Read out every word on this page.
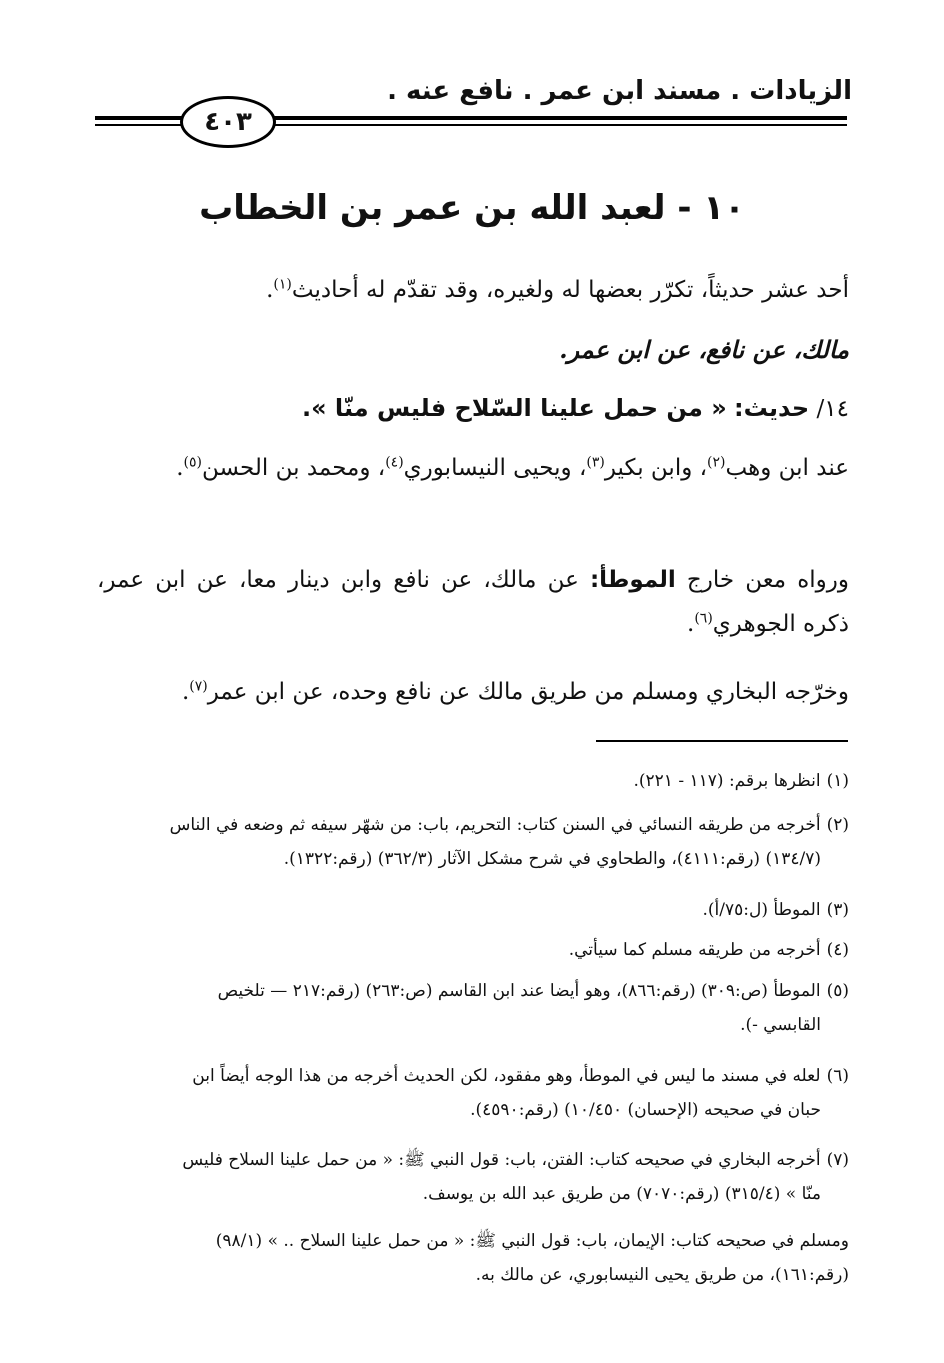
الزيادات . مسند ابن عمر . نافع عنه .
٤٠٣
١٠ - لعبد الله بن عمر بن الخطاب
أحد عشر حديثاً، تكرّر بعضها له ولغيره، وقد تقدّم له أحاديث$^{(١)}$.
مالك، عن نافع، عن ابن عمر.
١٤/ حديث: « من حمل علينا السّلاح فليس منّا ».
عند ابن وهب$^{(٢)}$، وابن بكير$^{(٣)}$، ويحيى النيسابوري$^{(٤)}$، ومحمد بن الحسن$^{(٥)}$.
ورواه معن خارج الموطأ: عن مالك، عن نافع وابن دينار معا، عن ابن عمر، ذكره الجوهري$^{(٦)}$.
وخرّجه البخاري ومسلم من طريق مالك عن نافع وحده، عن ابن عمر$^{(٧)}$.
(١)انظرها برقم: (١١٧ - ٢٢١).
(٢)أخرجه من طريقه النسائي في السنن كتاب: التحريم، باب: من شهّر سيفه ثم وضعه في الناس
(١٣٤/٧) (رقم:٤١١١)، والطحاوي في شرح مشكل الآثار (٣٦٢/٣) (رقم:١٣٢٢).
(٣)الموطأ (ل:٧٥/أ).
(٤)أخرجه من طريقه مسلم كما سيأتي.
(٥)الموطأ (ص:٣٠٩) (رقم:٨٦٦)، وهو أيضا عند ابن القاسم (ص:٢٦٣) (رقم:٢١٧ — تلخيص
القابسي -).
(٦)لعله في مسند ما ليس في الموطأ، وهو مفقود، لكن الحديث أخرجه من هذا الوجه أيضاً ابن
حبان في صحيحه (الإحسان) ١٠/٤٥٠) (رقم:٤٥٩٠).
(٧)أخرجه البخاري في صحيحه كتاب: الفتن، باب: قول النبي ﷺ: « من حمل علينا السلاح فليس
منّا » (٣١٥/٤) (رقم:٧٠٧٠) من طريق عبد الله بن يوسف.
ومسلم في صحيحه كتاب: الإيمان، باب: قول النبي ﷺ: « من حمل علينا السلاح .. » (٩٨/١)
(رقم:١٦١)، من طريق يحيى النيسابوري، عن مالك به.
